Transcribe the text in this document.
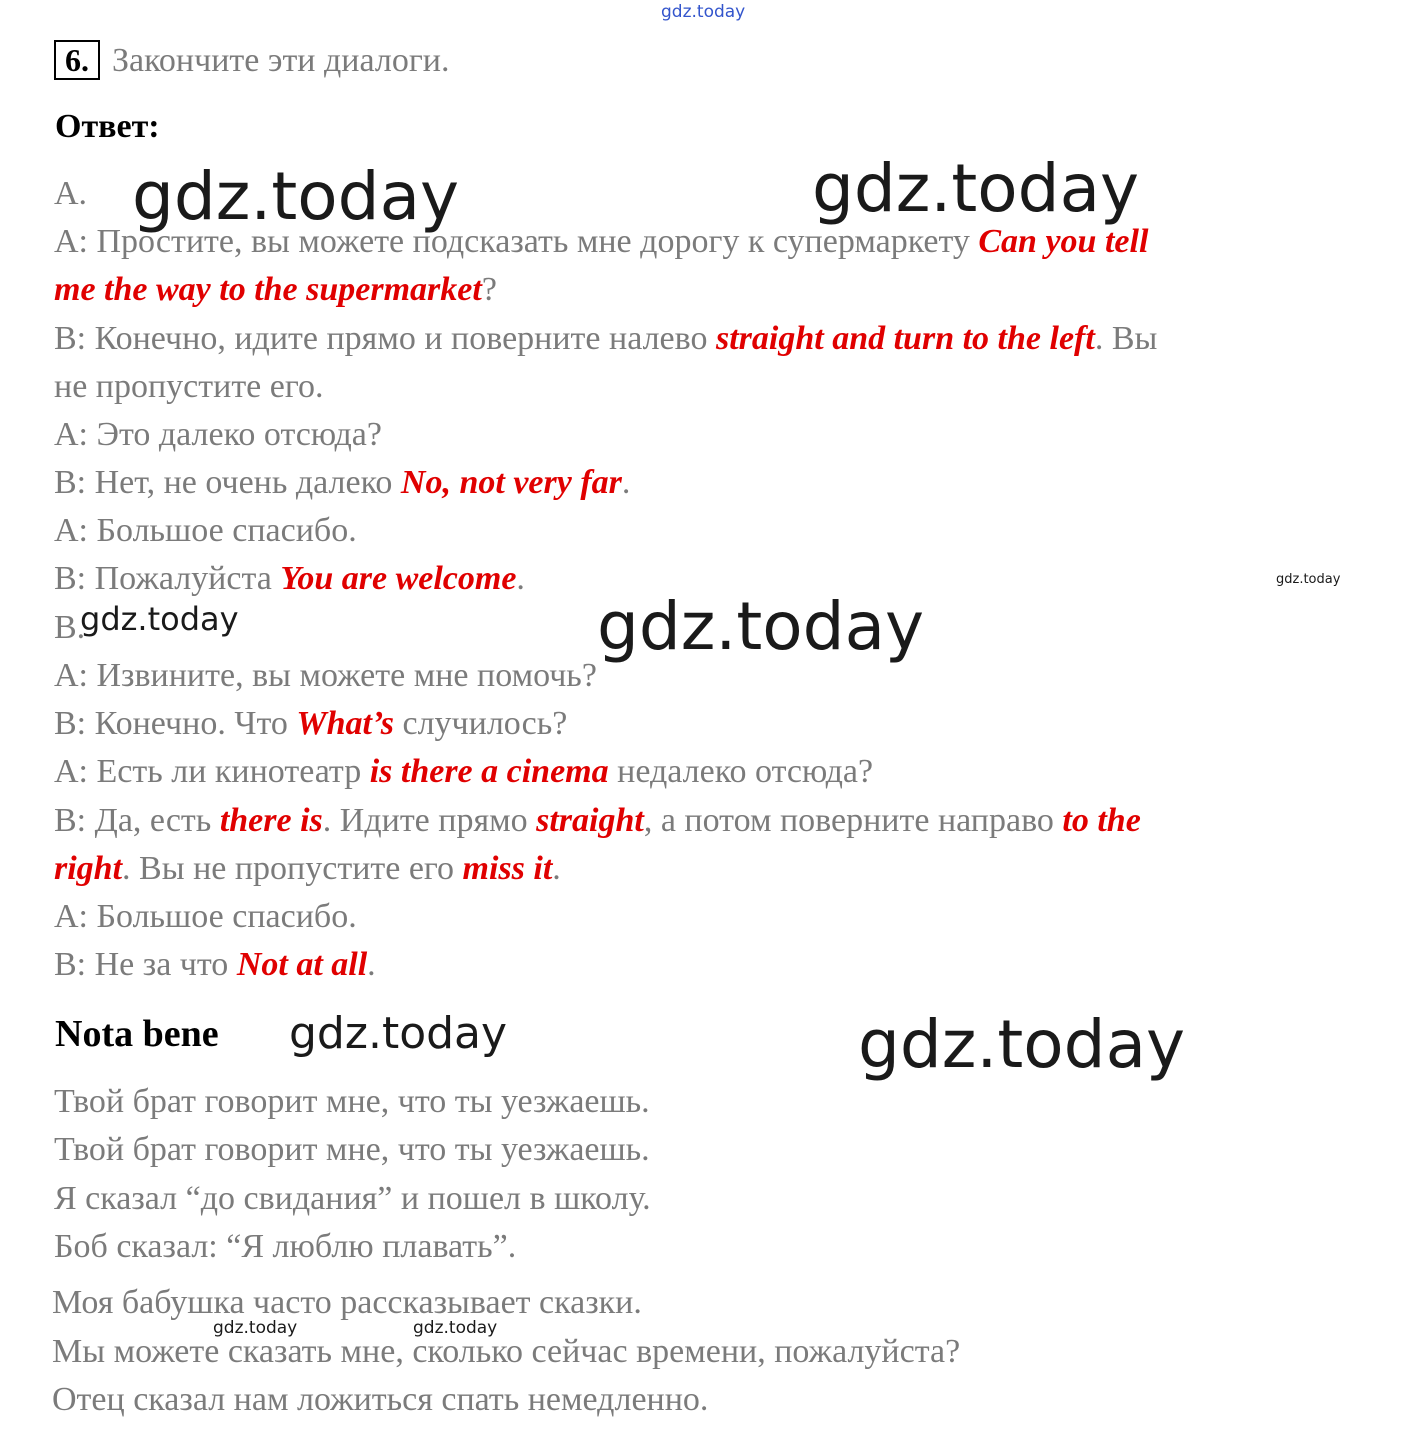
gdz.today
6. Закончите эти диалоги.
Ответ:
gdz.today	gdz.today
A.
A: Простите, вы можете подсказать мне дорогу к супермаркету Can you tell
me the way to the supermarket?
B: Конечно, идите прямо и поверните налево straight and turn to the left. Вы
не пропустите его.
A: Это далеко отсюда?
B: Нет, не очень далеко No, not very far.
A: Большое спасибо.
B: Пожалуйста You are welcome.	gdz.today
gdz.today	gdz.today
B.
A: Извините, вы можете мне помочь?
B: Конечно. Что What’s случилось?
A: Есть ли кинотеатр is there a cinema недалеко отсюда?
B: Да, есть there is. Идите прямо straight, а потом поверните направо to the
right. Вы не пропустите его miss it.
A: Большое спасибо.
B: Не за что Not at all.
Nota bene gdz.today	gdz.today
Твой брат говорит мне, что ты уезжаешь.
Твой брат говорит мне, что ты уезжаешь.
Я сказал “до свидания” и пошел в школу.
Боб сказал: “Я люблю плавать”.
Моя бабушка часто рассказывает сказки.
Мы можете сказать мне, сколько сейчас времени, пожалуйста?
Отец сказал нам ложиться спать немедленно.
gdz.today	gdz.today
